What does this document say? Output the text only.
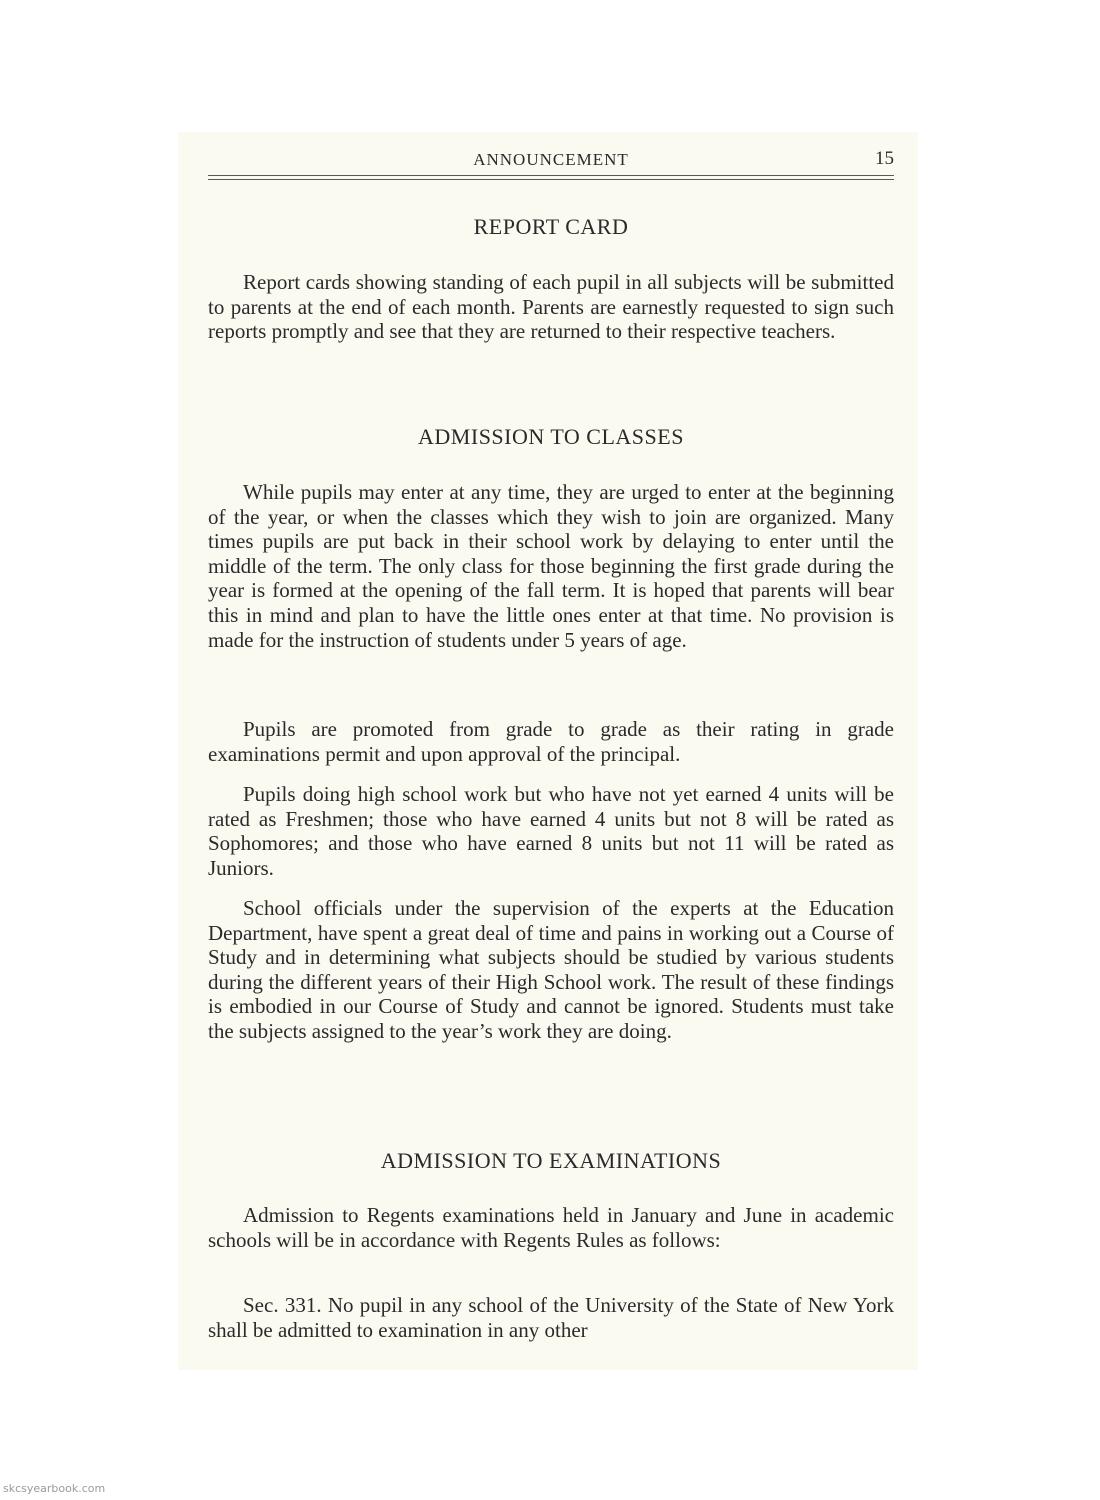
ANNOUNCEMENT	15
REPORT CARD

Report cards showing standing of each pupil in all subjects will be submitted to parents at the end of each month. Parents are earnestly requested to sign such reports promptly and see that they are returned to their respective teachers.

ADMISSION TO CLASSES

While pupils may enter at any time, they are urged to enter at the beginning of the year, or when the classes which they wish to join are organized. Many times pupils are put back in their school work by delaying to enter until the middle of the term. The only class for those beginning the first grade during the year is formed at the opening of the fall term. It is hoped that parents will bear this in mind and plan to have the little ones enter at that time. No provision is made for the instruction of students under 5 years of age.

Pupils are promoted from grade to grade as their rating in grade examinations permit and upon approval of the principal.

Pupils doing high school work but who have not yet earned 4 units will be rated as Freshmen; those who have earned 4 units but not 8 will be rated as Sophomores; and those who have earned 8 units but not 11 will be rated as Juniors.

School officials under the supervision of the experts at the Education Department, have spent a great deal of time and pains in working out a Course of Study and in determining what subjects should be studied by various students during the different years of their High School work. The result of these findings is embodied in our Course of Study and cannot be ignored. Students must take the subjects assigned to the year’s work they are doing.

ADMISSION TO EXAMINATIONS

Admission to Regents examinations held in January and June in academic schools will be in accordance with Regents Rules as follows:

Sec. 331. No pupil in any school of the University of the State of New York shall be admitted to examination in any other

skcsyearbook.com
